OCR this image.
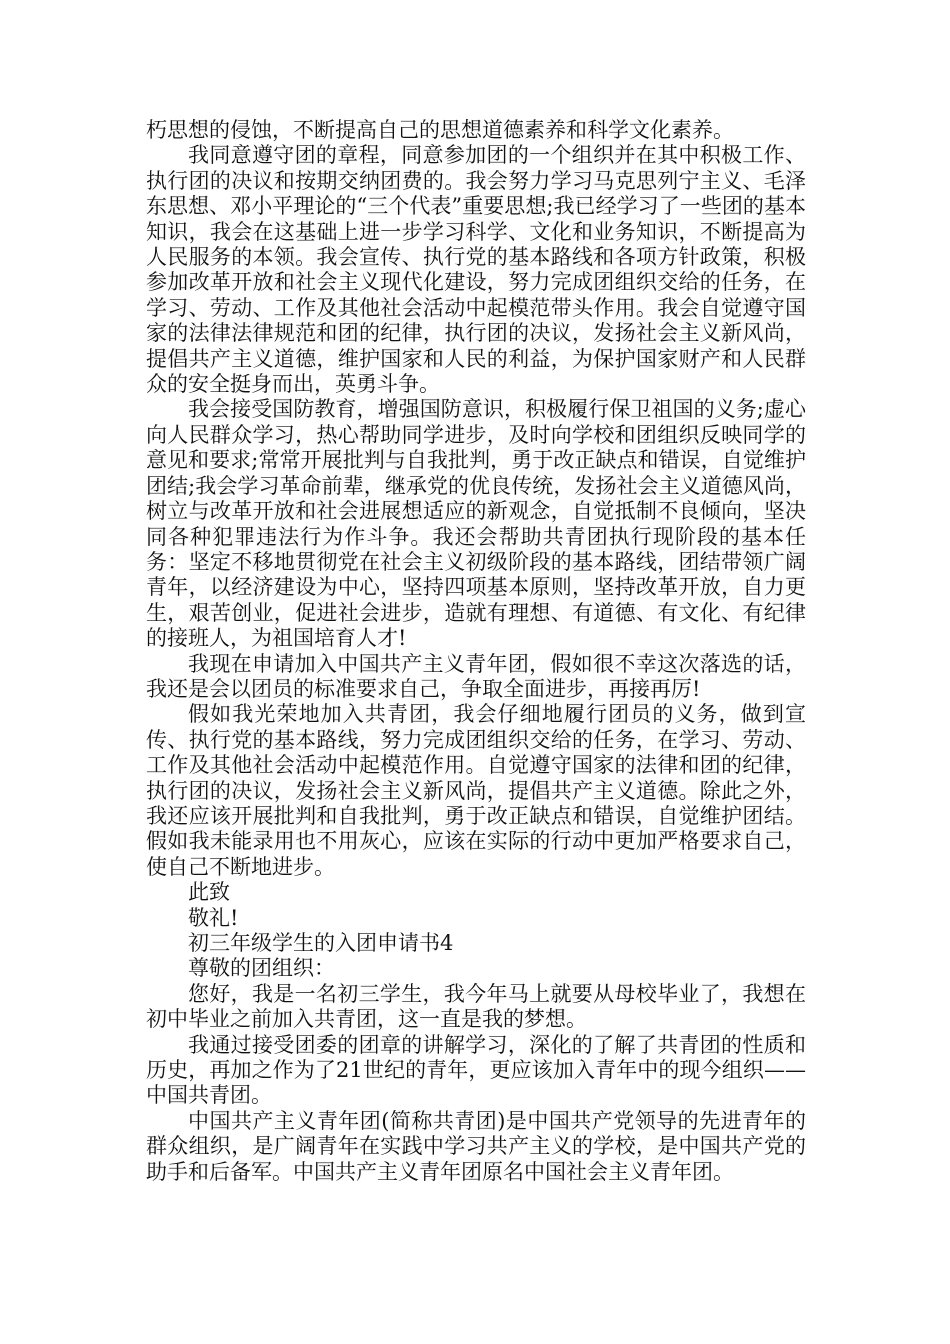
朽思想的侵蚀，不断提高自己的思想道德素养和科学文化素养。

我同意遵守团的章程，同意参加团的一个组织并在其中积极工作、执行团的决议和按期交纳团费的。我会努力学习马克思列宁主义、毛泽东思想、邓小平理论的“三个代表”重要思想;我已经学习了一些团的基本知识，我会在这基础上进一步学习科学、文化和业务知识，不断提高为人民服务的本领。我会宣传、执行党的基本路线和各项方针政策，积极参加改革开放和社会主义现代化建设，努力完成团组织交给的任务，在学习、劳动、工作及其他社会活动中起模范带头作用。我会自觉遵守国家的法律法律规范和团的纪律，执行团的决议，发扬社会主义新风尚，提倡共产主义道德，维护国家和人民的利益，为保护国家财产和人民群众的安全挺身而出，英勇斗争。

我会接受国防教育，增强国防意识，积极履行保卫祖国的义务;虚心向人民群众学习，热心帮助同学进步，及时向学校和团组织反映同学的意见和要求;常常开展批判与自我批判，勇于改正缺点和错误，自觉维护团结;我会学习革命前辈，继承党的优良传统，发扬社会主义道德风尚，树立与改革开放和社会进展想适应的新观念，自觉抵制不良倾向，坚决同各种犯罪违法行为作斗争。我还会帮助共青团执行现阶段的基本任务：坚定不移地贯彻党在社会主义初级阶段的基本路线，团结带领广阔青年，以经济建设为中心，坚持四项基本原则，坚持改革开放，自力更生，艰苦创业，促进社会进步，造就有理想、有道德、有文化、有纪律的接班人，为祖国培育人才!

我现在申请加入中国共产主义青年团，假如很不幸这次落选的话，我还是会以团员的标准要求自己，争取全面进步，再接再厉!

假如我光荣地加入共青团，我会仔细地履行团员的义务，做到宣传、执行党的基本路线，努力完成团组织交给的任务，在学习、劳动、工作及其他社会活动中起模范作用。自觉遵守国家的法律和团的纪律，执行团的决议，发扬社会主义新风尚，提倡共产主义道德。除此之外，我还应该开展批判和自我批判，勇于改正缺点和错误，自觉维护团结。假如我未能录用也不用灰心，应该在实际的行动中更加严格要求自己，使自己不断地进步。

此致

敬礼!

初三年级学生的入团申请书4

尊敬的团组织：

您好，我是一名初三学生，我今年马上就要从母校毕业了，我想在初中毕业之前加入共青团，这一直是我的梦想。

我通过接受团委的团章的讲解学习，深化的了解了共青团的性质和历史，再加之作为了21世纪的青年，更应该加入青年中的现今组织——中国共青团。

中国共产主义青年团(简称共青团)是中国共产党领导的先进青年的群众组织，是广阔青年在实践中学习共产主义的学校，是中国共产党的助手和后备军。中国共产主义青年团原名中国社会主义青年团。
